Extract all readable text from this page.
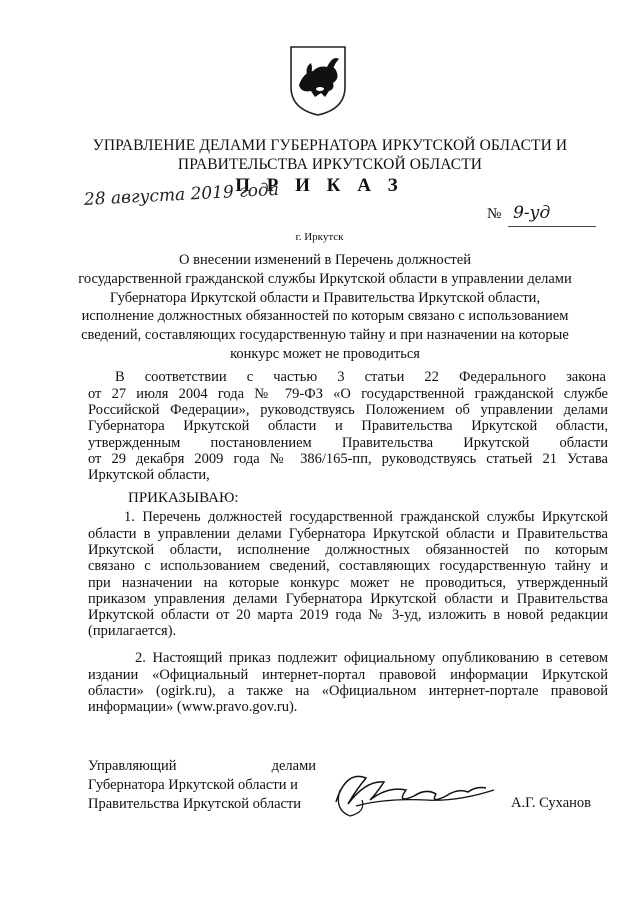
УПРАВЛЕНИЕ ДЕЛАМИ ГУБЕРНАТОРА ИРКУТСКОЙ ОБЛАСТИ И
ПРАВИТЕЛЬСТВА ИРКУТСКОЙ ОБЛАСТИ
П Р И К А З
28 августа 2019 года
№ 9-уд
г. Иркутск
О внесении изменений в Перечень должностей
государственной гражданской службы Иркутской области в управлении делами
Губернатора Иркутской области и Правительства Иркутской области,
исполнение должностных обязанностей по которым связано с использованием
сведений, составляющих государственную тайну и при назначении на которые
конкурс может не проводиться
В соответствии с частью 3 статьи 22 Федерального закона
от 27 июля 2004 года № 79-ФЗ «О государственной гражданской службе
Российской Федерации», руководствуясь Положением об управлении делами
Губернатора Иркутской области и Правительства Иркутской области,
утвержденным постановлением Правительства Иркутской области
от 29 декабря 2009 года № 386/165-пп, руководствуясь статьей 21 Устава
Иркутской области,
ПРИКАЗЫВАЮ:
1. Перечень должностей государственной гражданской службы Иркутской
области в управлении делами Губернатора Иркутской области и Правительства
Иркутской области, исполнение должностных обязанностей по которым
связано с использованием сведений, составляющих государственную тайну и
при назначении на которые конкурс может не проводиться, утвержденный
приказом управления делами Губернатора Иркутской области и Правительства
Иркутской области от 20 марта 2019 года № 3-уд, изложить в новой редакции
(прилагается).
2. Настоящий приказ подлежит официальному опубликованию в сетевом
издании «Официальный интернет-портал правовой информации Иркутской
области» (ogirk.ru), а также на «Официальном интернет-портале правовой
информации» (www.pravo.gov.ru).
Управляющий	делами
Губернатора Иркутской области и
Правительства Иркутской области	А.Г. Суханов
